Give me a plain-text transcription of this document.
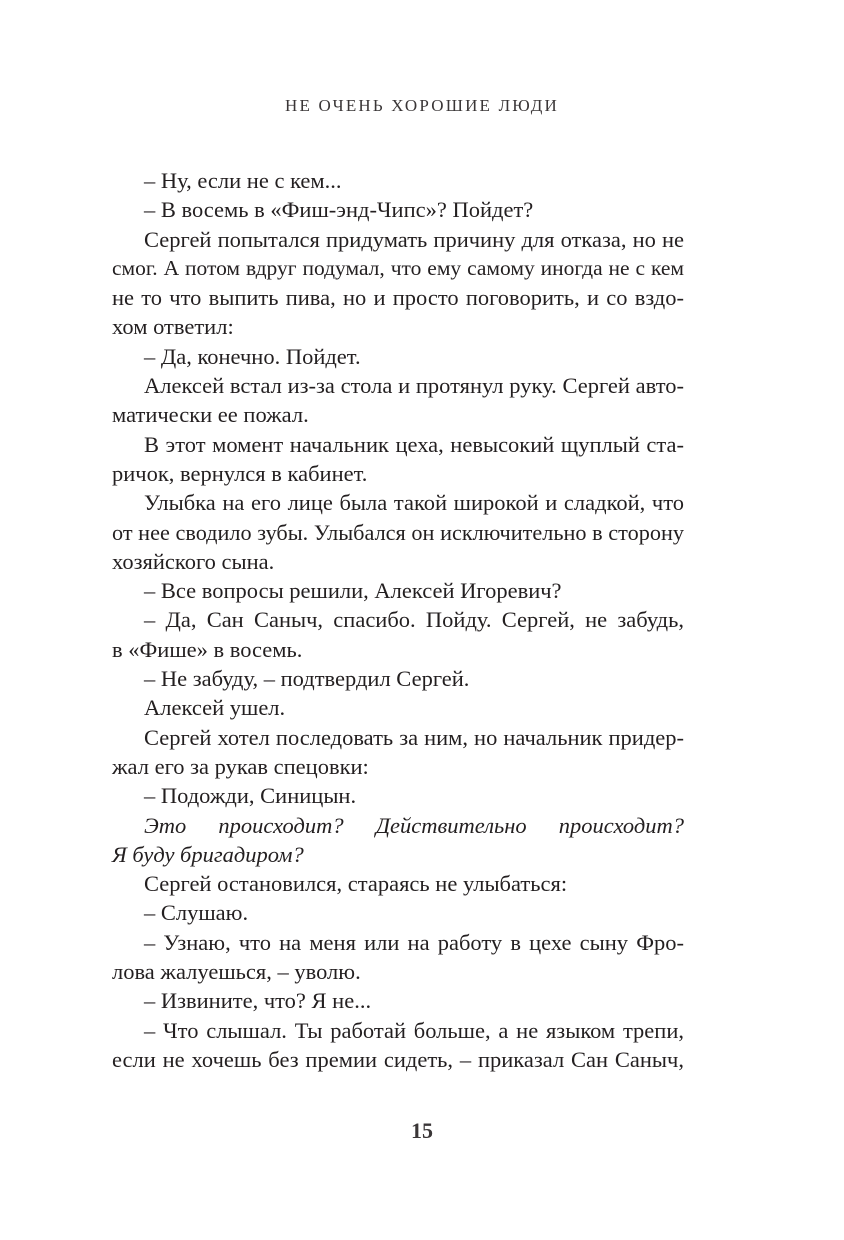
НЕ ОЧЕНЬ ХОРОШИЕ ЛЮДИ
– Ну, если не с кем...
– В восемь в «Фиш-энд-Чипс»? Пойдет?
Сергей попытался придумать причину для отказа, но не
смог. А потом вдруг подумал, что ему самому иногда не с кем
не то что выпить пива, но и просто поговорить, и со вздо-
хом ответил:
– Да, конечно. Пойдет.
Алексей встал из-за стола и протянул руку. Сергей авто-
матически ее пожал.
В этот момент начальник цеха, невысокий щуплый ста-
ричок, вернулся в кабинет.
Улыбка на его лице была такой широкой и сладкой, что
от нее сводило зубы. Улыбался он исключительно в сторону
хозяйского сына.
– Все вопросы решили, Алексей Игоревич?
– Да, Сан Саныч, спасибо. Пойду. Сергей, не забудь,
в «Фише» в восемь.
– Не забуду, – подтвердил Сергей.
Алексей ушел.
Сергей хотел последовать за ним, но начальник придер-
жал его за рукав спецовки:
– Подожди, Синицын.
Это происходит? Действительно происходит?
Я буду бригадиром?
Сергей остановился, стараясь не улыбаться:
– Слушаю.
– Узнаю, что на меня или на работу в цехе сыну Фро-
лова жалуешься, – уволю.
– Извините, что? Я не...
– Что слышал. Ты работай больше, а не языком трепи,
если не хочешь без премии сидеть, – приказал Сан Саныч,
15
